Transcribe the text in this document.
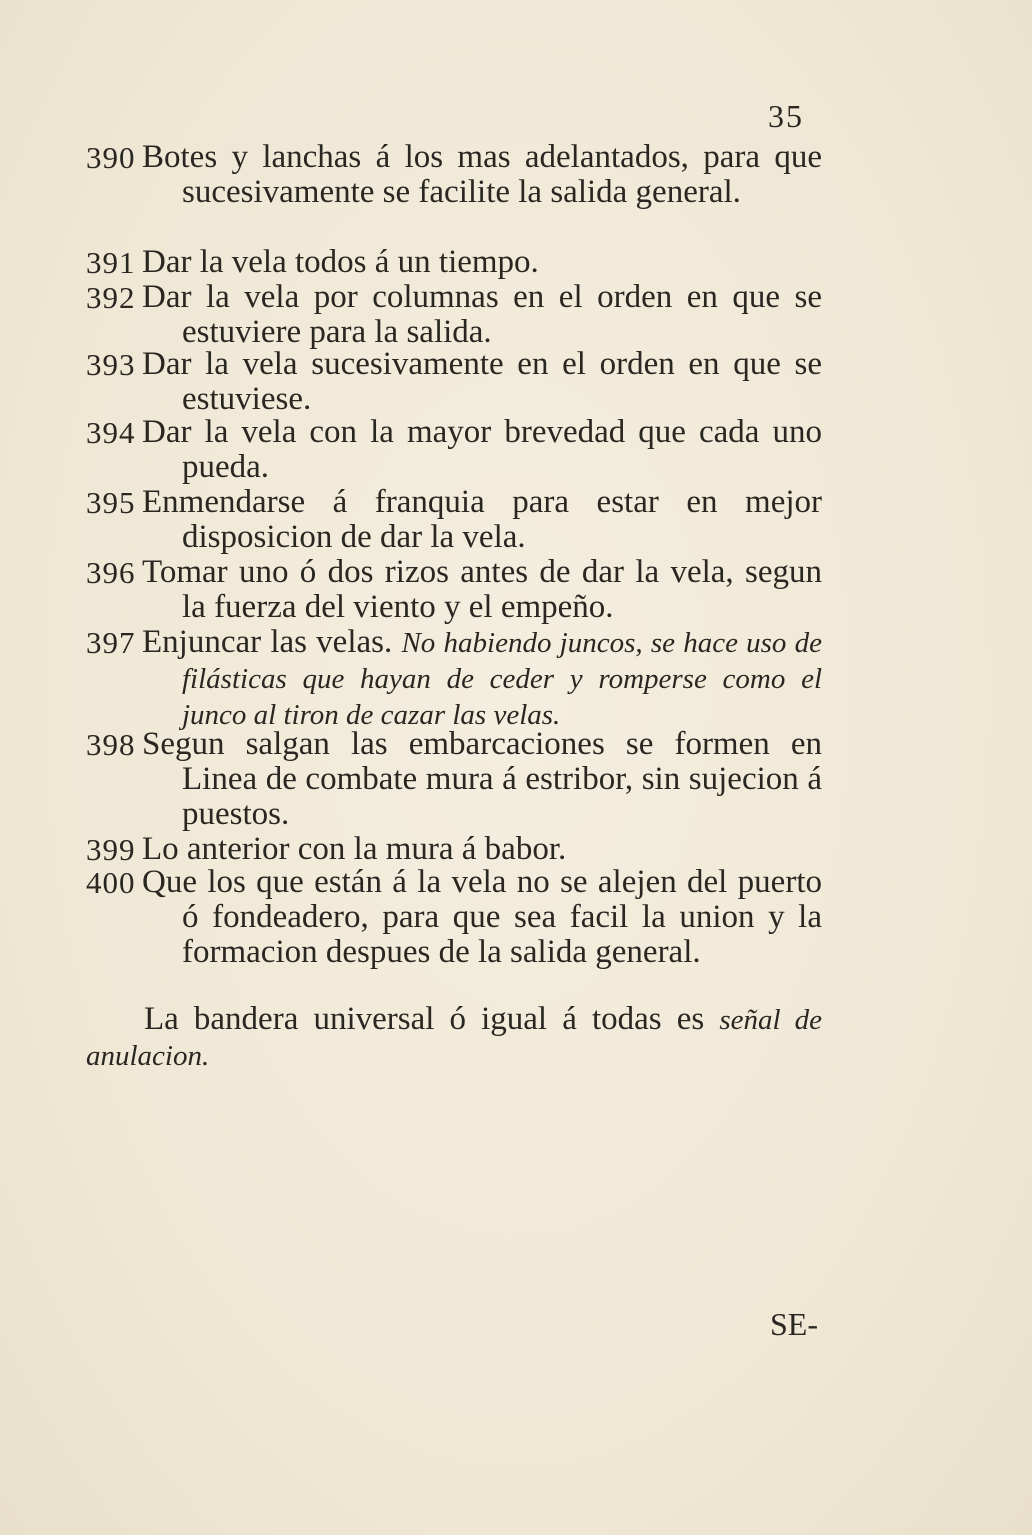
35
390 Botes y lanchas á los mas adelantados, para que sucesivamente se facilite la salida general.
391 Dar la vela todos á un tiempo.
392 Dar la vela por columnas en el orden en que se estuviere para la salida.
393 Dar la vela sucesivamente en el orden en que se estuviese.
394 Dar la vela con la mayor brevedad que cada uno pueda.
395 Enmendarse á franquia para estar en mejor disposicion de dar la vela.
396 Tomar uno ó dos rizos antes de dar la vela, segun la fuerza del viento y el empeño.
397 Enjuncar las velas. No habiendo juncos, se hace uso de filásticas que hayan de ceder y romperse como el junco al tiron de cazar las velas.
398 Segun salgan las embarcaciones se formen en Linea de combate mura á estribor, sin sujecion á puestos.
399 Lo anterior con la mura á babor.
400 Que los que están á la vela no se alejen del puerto ó fondeadero, para que sea facil la union y la formacion despues de la salida general.
La bandera universal ó igual á todas es señal de anulacion.
SE-
